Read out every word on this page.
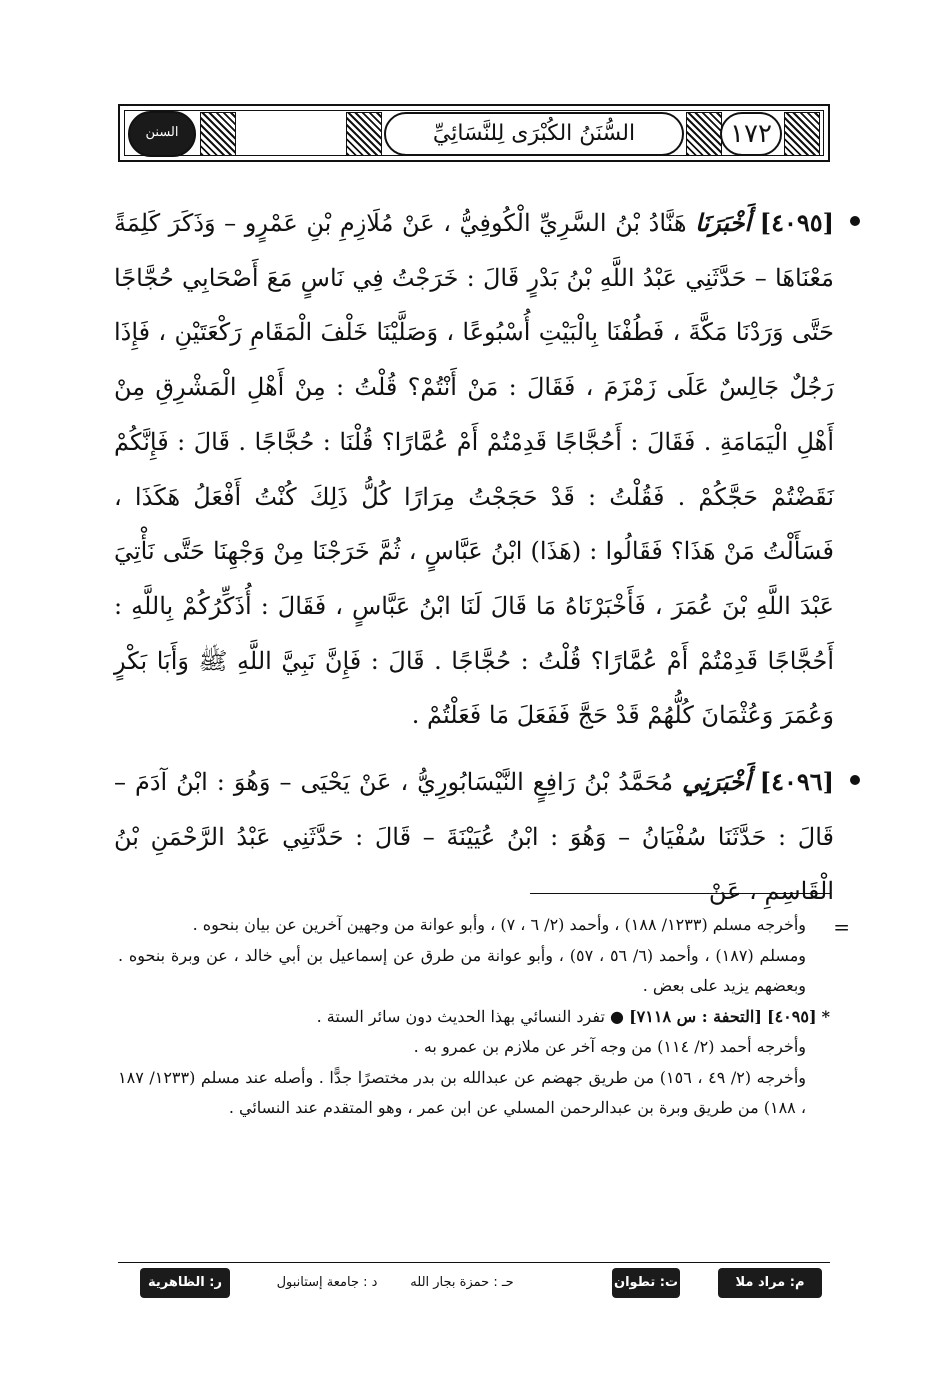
السنن الكبرى
السُّنَنُ الكُبْرَى لِلنَّسَائِيِّ	١٧٢

[٤٠٩٥] أَخْبَرَنَا هَنَّادُ بْنُ السَّرِيِّ الْكُوفِيُّ ، عَنْ مُلَازِمِ بْنِ عَمْرٍو – وَذَكَرَ كَلِمَةً مَعْنَاهَا – حَدَّثَنِي عَبْدُ اللَّهِ بْنُ بَدْرٍ قَالَ : خَرَجْتُ فِي نَاسٍ مَعَ أَصْحَابِي حُجَّاجًا حَتَّى وَرَدْنَا مَكَّةَ ، فَطُفْنَا بِالْبَيْتِ أُسْبُوعًا ، وَصَلَّيْنَا خَلْفَ الْمَقَامِ رَكْعَتَيْنِ ، فَإِذَا رَجُلٌ جَالِسٌ عَلَى زَمْزَمَ ، فَقَالَ : مَنْ أَنْتُمْ؟ قُلْتُ : مِنْ أَهْلِ الْمَشْرِقِ مِنْ أَهْلِ الْيَمَامَةِ . فَقَالَ : أَحُجَّاجًا قَدِمْتُمْ أَمْ عُمَّارًا؟ قُلْنَا : حُجَّاجًا . قَالَ : فَإِنَّكُمْ نَقَضْتُمْ حَجَّكُمْ . فَقُلْتُ : قَدْ حَجَجْتُ مِرَارًا كُلُّ ذَلِكَ كُنْتُ أَفْعَلُ هَكَذَا ، فَسَأَلْتُ مَنْ هَذَا؟ فَقَالُوا : (هَذَا) ابْنُ عَبَّاسٍ ، ثُمَّ خَرَجْنَا مِنْ وَجْهِنَا حَتَّى نَأْتِيَ عَبْدَ اللَّهِ بْنَ عُمَرَ ، فَأَخْبَرْنَاهُ مَا قَالَ لَنَا ابْنُ عَبَّاسٍ ، فَقَالَ : أُذَكِّرُكُمْ بِاللَّهِ : أَحُجَّاجًا قَدِمْتُمْ أَمْ عُمَّارًا؟ قُلْتُ : حُجَّاجًا . قَالَ : فَإِنَّ نَبِيَّ اللَّهِ ﷺ وَأَبَا بَكْرٍ وَعُمَرَ وَعُثْمَانَ كُلُّهُمْ قَدْ حَجَّ فَفَعَلَ مَا فَعَلْتُمْ .

[٤٠٩٦] أَخْبَرَنِي مُحَمَّدُ بْنُ رَافِعٍ النَّيْسَابُورِيُّ ، عَنْ يَحْيَى – وَهُوَ : ابْنُ آدَمَ – قَالَ : حَدَّثَنَا سُفْيَانُ – وَهُوَ : ابْنُ عُيَيْنَةَ – قَالَ : حَدَّثَنِي عَبْدُ الرَّحْمَنِ بْنُ الْقَاسِمِ ، عَنْ

=

وأخرجه مسلم (١٢٣٣/ ١٨٨) ، وأحمد (٢/ ٦ ، ٧) ، وأبو عوانة من وجهين آخرين عن بيان بنحوه .

ومسلم (١٨٧) ، وأحمد (٦/ ٥٦ ، ٥٧) ، وأبو عوانة من طرق عن إسماعيل بن أبي خالد ، عن وبرة بنحوه . وبعضهم يزيد على بعض .

* [٤٠٩٥] [التحفة : س ٧١١٨] ● تفرد النسائي بهذا الحديث دون سائر الستة .

وأخرجه أحمد (٢/ ١١٤) من وجه آخر عن ملازم بن عمرو به .

وأخرجه (٢/ ٤٩ ، ١٥٦) من طريق جهضم عن عبدالله بن بدر مختصرًا جدًّا . وأصله عند مسلم (١٢٣٣/ ١٨٧ ، ١٨٨) من طريق وبرة بن عبدالرحمن المسلي عن ابن عمر ، وهو المتقدم عند النسائي .

م: مراد ملا
ت: تطوان
حـ : حمزة بجار الله
د : جامعة إستانبول
ر: الظاهرية
